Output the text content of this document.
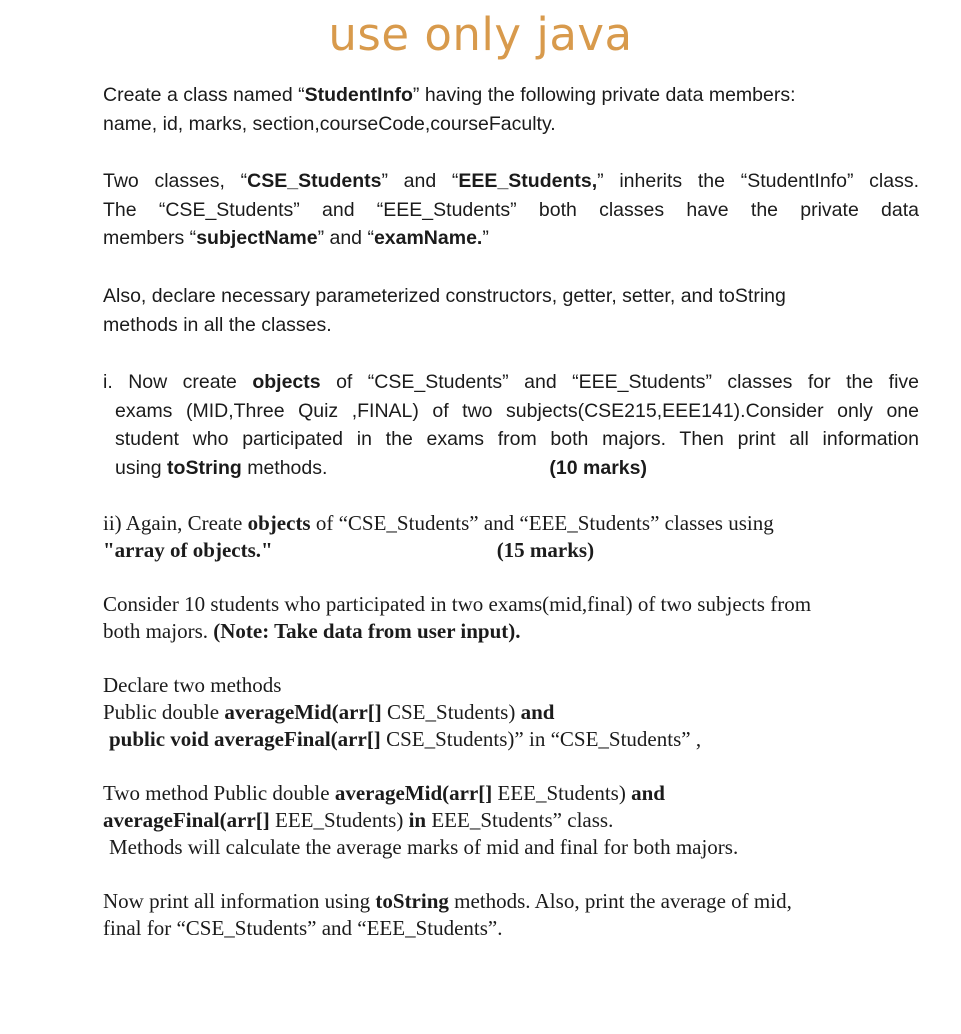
use only java
Create a class named “StudentInfo” having the following private data members:
name, id, marks, section,courseCode,courseFaculty.
Two classes, “CSE_Students” and “EEE_Students,” inherits the “StudentInfo” class.
The “CSE_Students” and “EEE_Students” both classes have the private data
members “subjectName” and “examName.”
Also, declare necessary parameterized constructors, getter, setter, and toString
methods in all the classes.
i. Now create objects of “CSE_Students” and “EEE_Students” classes for the five
exams (MID,Three Quiz ,FINAL) of two subjects(CSE215,EEE141).Consider only one
student who participated in the exams from both majors. Then print all information
using toString methods.	(10 marks)
ii) Again, Create objects of “CSE_Students” and “EEE_Students” classes using
"array of objects."	(15 marks)
Consider 10 students who participated in two exams(mid,final) of two subjects from
both majors. (Note: Take data from user input).
Declare two methods
Public double averageMid(arr[] CSE_Students) and
public void averageFinal(arr[] CSE_Students)” in “CSE_Students” ,
Two method Public double averageMid(arr[] EEE_Students) and
averageFinal(arr[] EEE_Students) in EEE_Students” class.
Methods will calculate the average marks of mid and final for both majors.
Now print all information using toString methods. Also, print the average of mid,
final for “CSE_Students” and “EEE_Students”.
